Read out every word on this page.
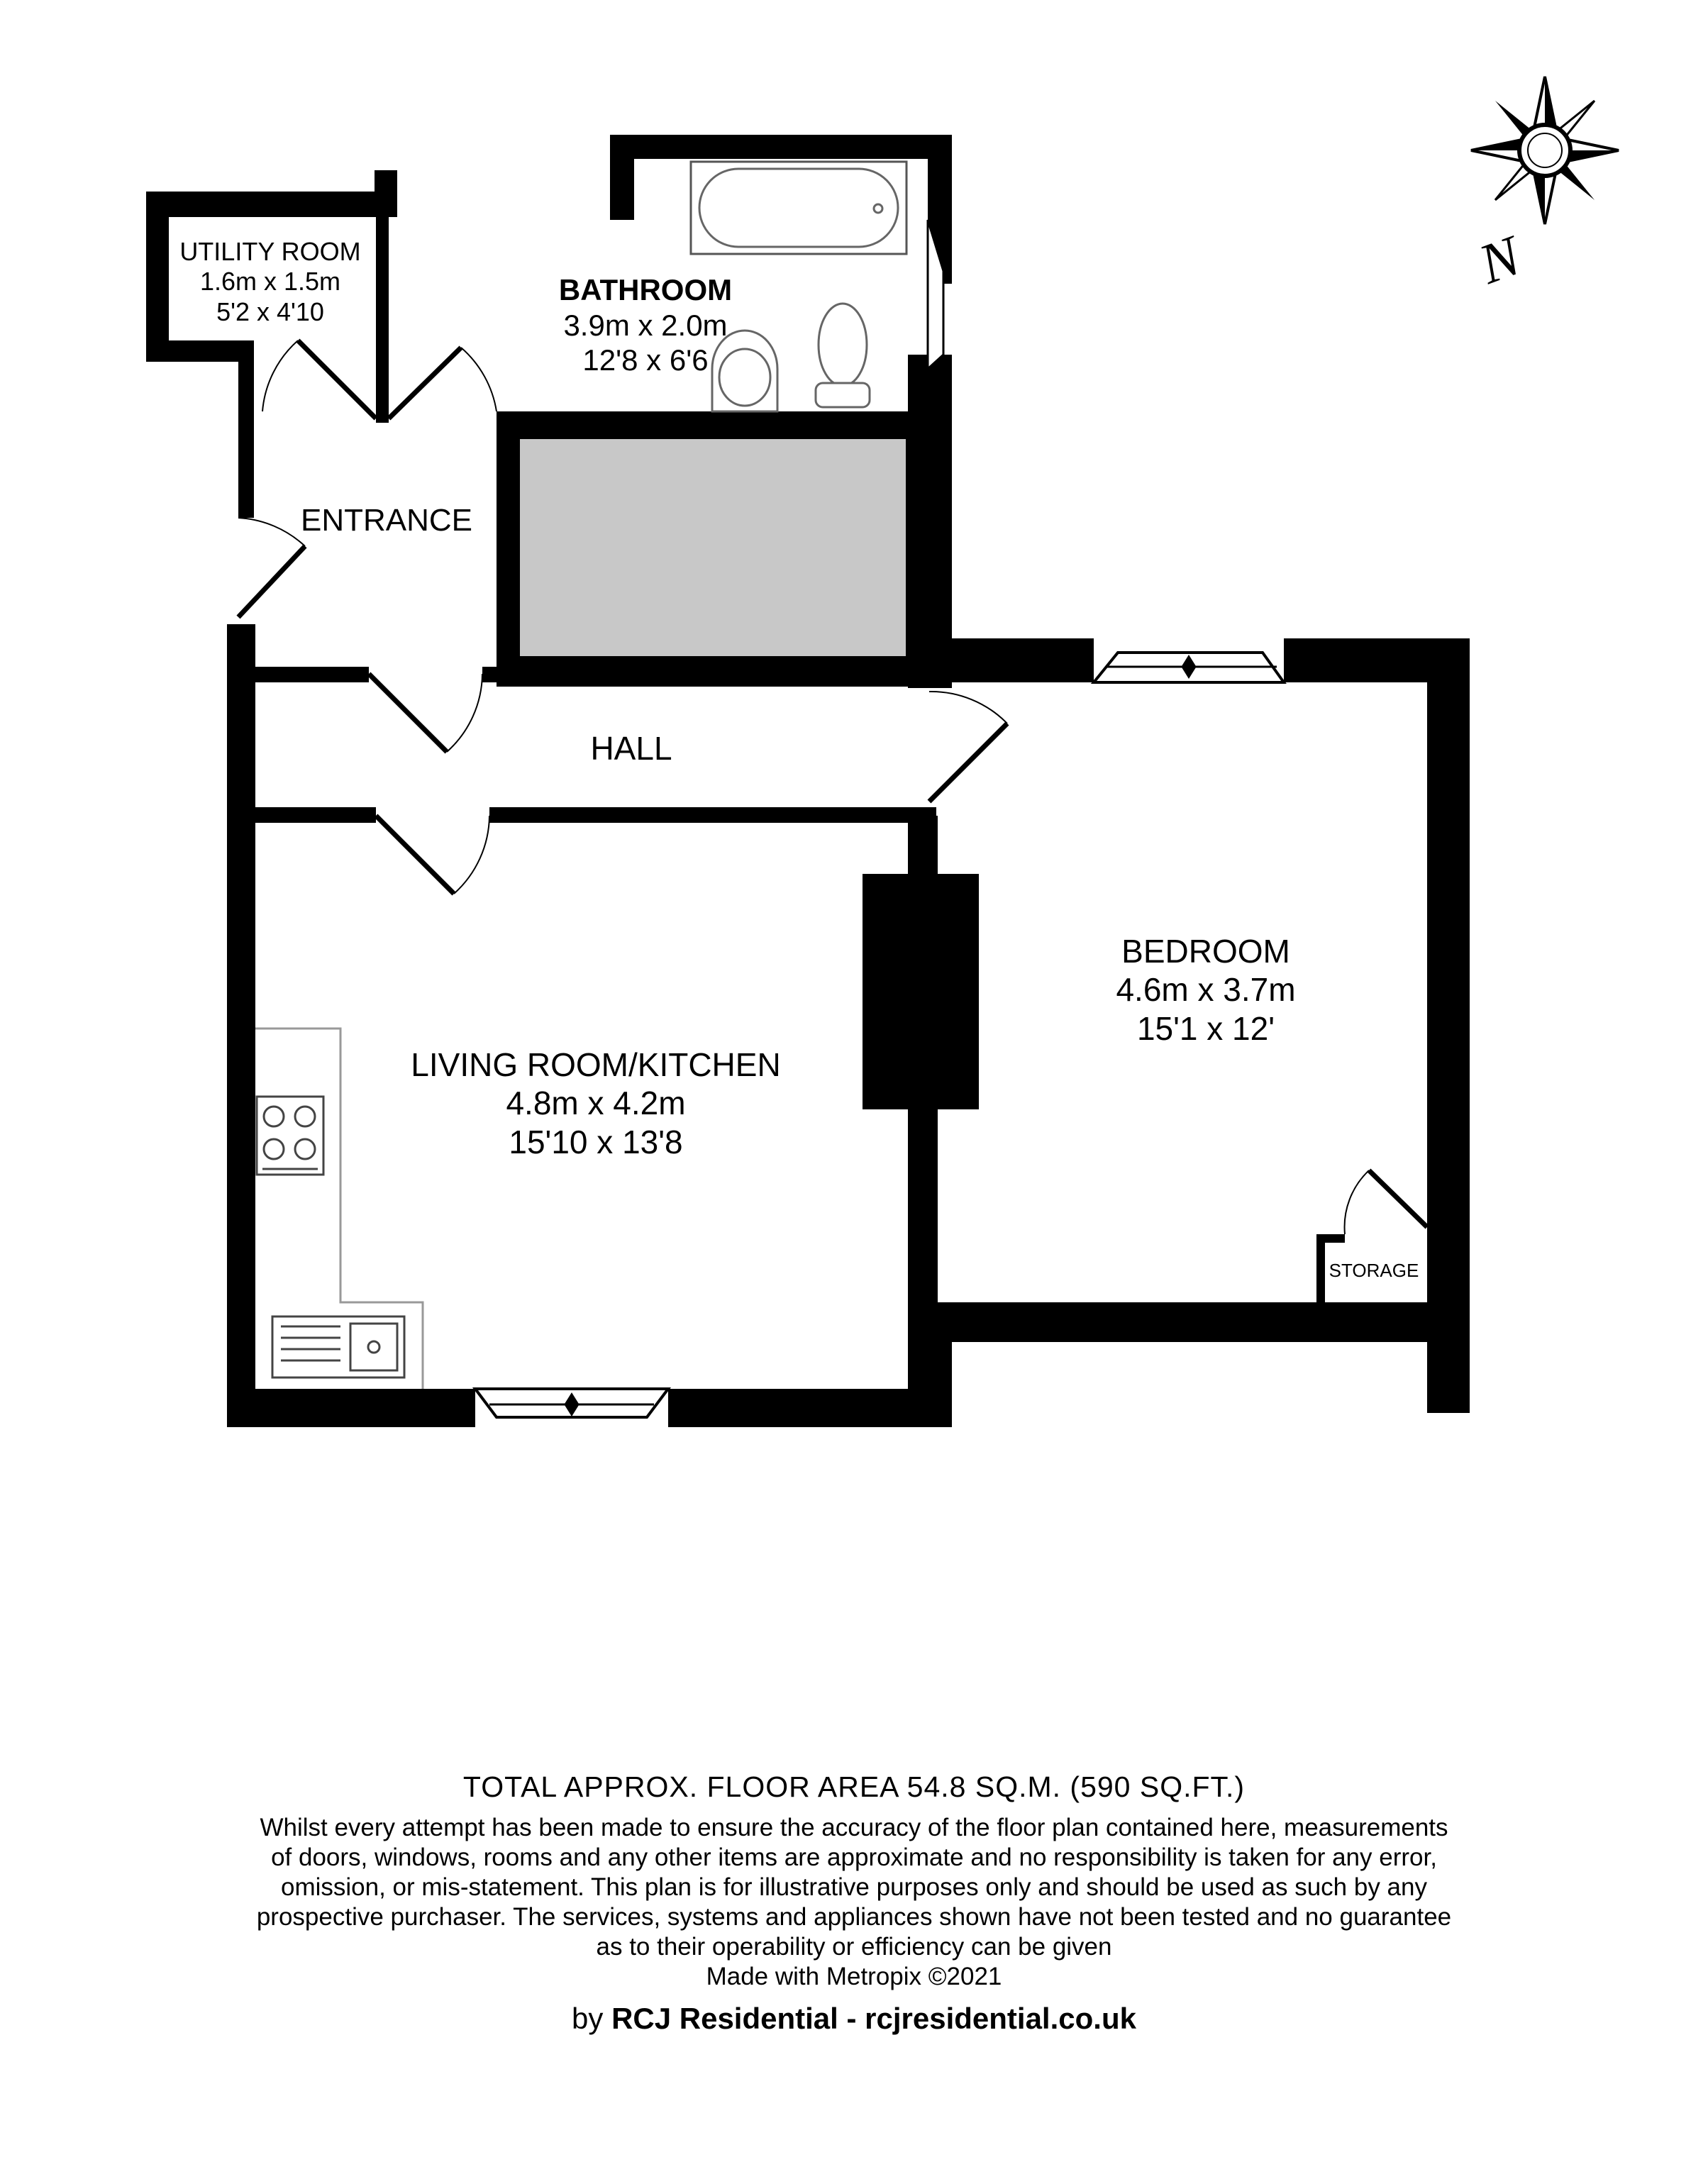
N
UTILITY ROOM
1.6m x 1.5m
5'2 x 4'10
BATHROOM
3.9m x 2.0m
12'8 x 6'6
ENTRANCE
HALL
BEDROOM
4.6m x 3.7m
15'1 x 12'
LIVING ROOM/KITCHEN
4.8m x 4.2m
15'10 x 13'8
STORAGE
TOTAL APPROX. FLOOR AREA 54.8 SQ.M. (590 SQ.FT.)
Whilst every attempt has been made to ensure the accuracy of the floor plan contained here, measurements
of doors, windows, rooms and any other items are approximate and no responsibility is taken for any error,
omission, or mis-statement. This plan is for illustrative purposes only and should be used as such by any
prospective purchaser. The services, systems and appliances shown have not been tested and no guarantee
as to their operability or efficiency can be given
Made with Metropix ©2021
by RCJ Residential - rcjresidential.co.uk
